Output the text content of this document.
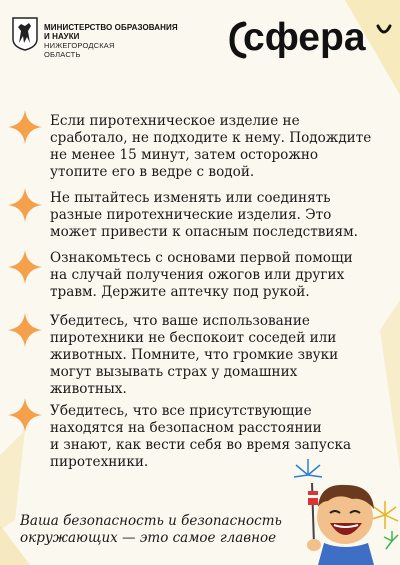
МИНИСТЕРСТВО ОБРАЗОВАНИЯ
И НАУКИ
НИЖЕГОРОДСКАЯ
ОБЛАСТЬ	сфера
Если пиротехническое изделие не
сработало, не подходите к нему. Подождите
не менее 15 минут, затем осторожно
утопите его в ведре с водой.
Не пытайтесь изменять или соединять
разные пиротехнические изделия. Это
может привести к опасным последствиям.
Ознакомьтесь с основами первой помощи
на случай получения ожогов или других
травм. Держите аптечку под рукой.
Убедитесь, что ваше использование
пиротехники не беспокоит соседей или
животных. Помните, что громкие звуки
могут вызывать страх у домашних
животных.
Убедитесь, что все присутствующие
находятся на безопасном расстоянии
и знают, как вести себя во время запуска
пиротехники.
Ваша безопасность и безопасность
окружающих — это самое главное
